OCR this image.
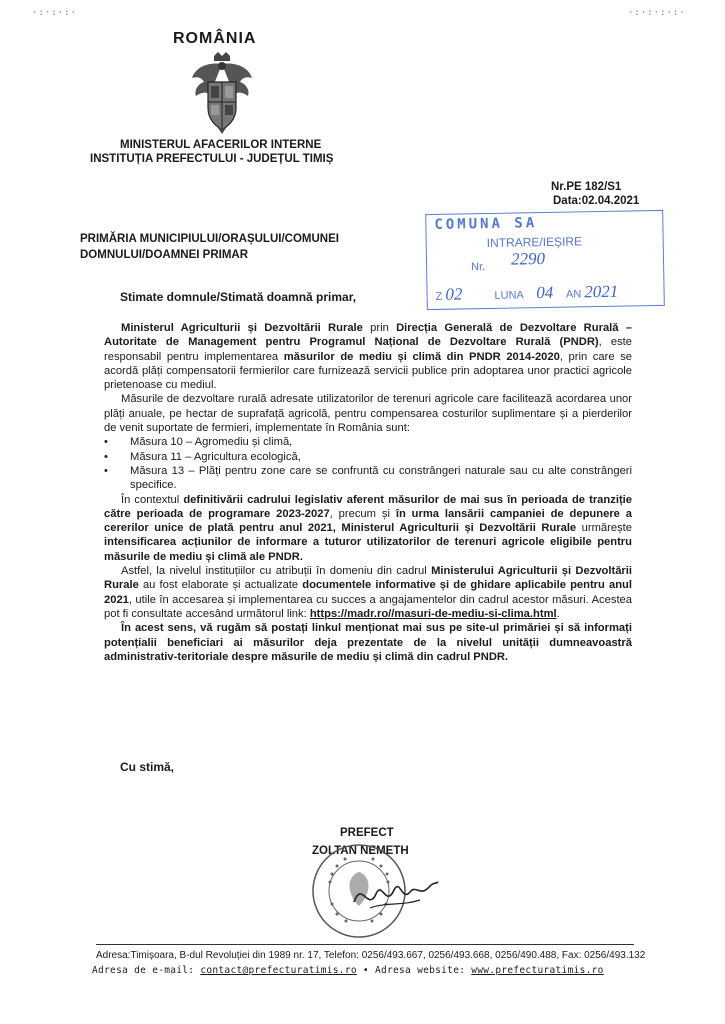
·:·:·:·	·:·:·:·:·
ROMÂNIA
MINISTERUL AFACERILOR INTERNE
INSTITUȚIA PREFECTULUI - JUDEȚUL TIMIȘ
Nr.PE 182/S1
Data:02.04.2021
COMUNA SA
INTRARE/IEȘIRE
Nr. 2290
Z 02	LUNA 04 AN 2021
PRIMĂRIA MUNICIPIULUI/ORAȘULUI/COMUNEI
DOMNULUI/DOAMNEI PRIMAR
Stimate domnule/Stimată doamnă primar,

Ministerul Agriculturii și Dezvoltării Rurale prin Direcția Generală de Dezvoltare Rurală – Autoritate de Management pentru Programul Național de Dezvoltare Rurală (PNDR), este responsabil pentru implementarea măsurilor de mediu și climă din PNDR 2014-2020, prin care se acordă plăți compensatorii fermierilor care furnizează servicii publice prin adoptarea unor practici agricole prietenoase cu mediul.

Măsurile de dezvoltare rurală adresate utilizatorilor de terenuri agricole care facilitează acordarea unor plăți anuale, pe hectar de suprafață agricolă, pentru compensarea costurilor suplimentare și a pierderilor de venit suportate de fermieri, implementate în România sunt:

• Măsura 10 – Agromediu și climă,
• Măsura 11 – Agricultura ecologică,
• Măsura 13 – Plăți pentru zone care se confruntă cu constrângeri naturale sau cu alte constrângeri specifice.

În contextul definitivării cadrului legislativ aferent măsurilor de mai sus în perioada de tranziție către perioada de programare 2023-2027, precum și în urma lansării campaniei de depunere a cererilor unice de plată pentru anul 2021, Ministerul Agriculturii și Dezvoltării Rurale urmărește intensificarea acțiunilor de informare a tuturor utilizatorilor de terenuri agricole eligibile pentru măsurile de mediu și climă ale PNDR.

Astfel, la nivelul instituțiilor cu atribuții în domeniu din cadrul Ministerului Agriculturii și Dezvoltării Rurale au fost elaborate și actualizate documentele informative și de ghidare aplicabile pentru anul 2021, utile în accesarea și implementarea cu succes a angajamentelor din cadrul acestor măsuri. Acestea pot fi consultate accesând următorul link: https://madr.ro//masuri-de-mediu-si-clima.html.

În acest sens, vă rugăm să postați linkul menționat mai sus pe site-ul primăriei și să informați potențialii beneficiari ai măsurilor deja prezentate de la nivelul unității dumneavoastră administrativ-teritoriale despre măsurile de mediu și climă din cadrul PNDR.

Cu stimă,
PREFECT
ZOLTAN NEMETH
Adresa:Timișoara, B-dul Revoluției din 1989 nr. 17, Telefon: 0256/493.667, 0256/493.668, 0256/490.488, Fax: 0256/493.132
Adresa de e-mail: contact@prefecturatimis.ro • Adresa website: www.prefecturatimis.ro
